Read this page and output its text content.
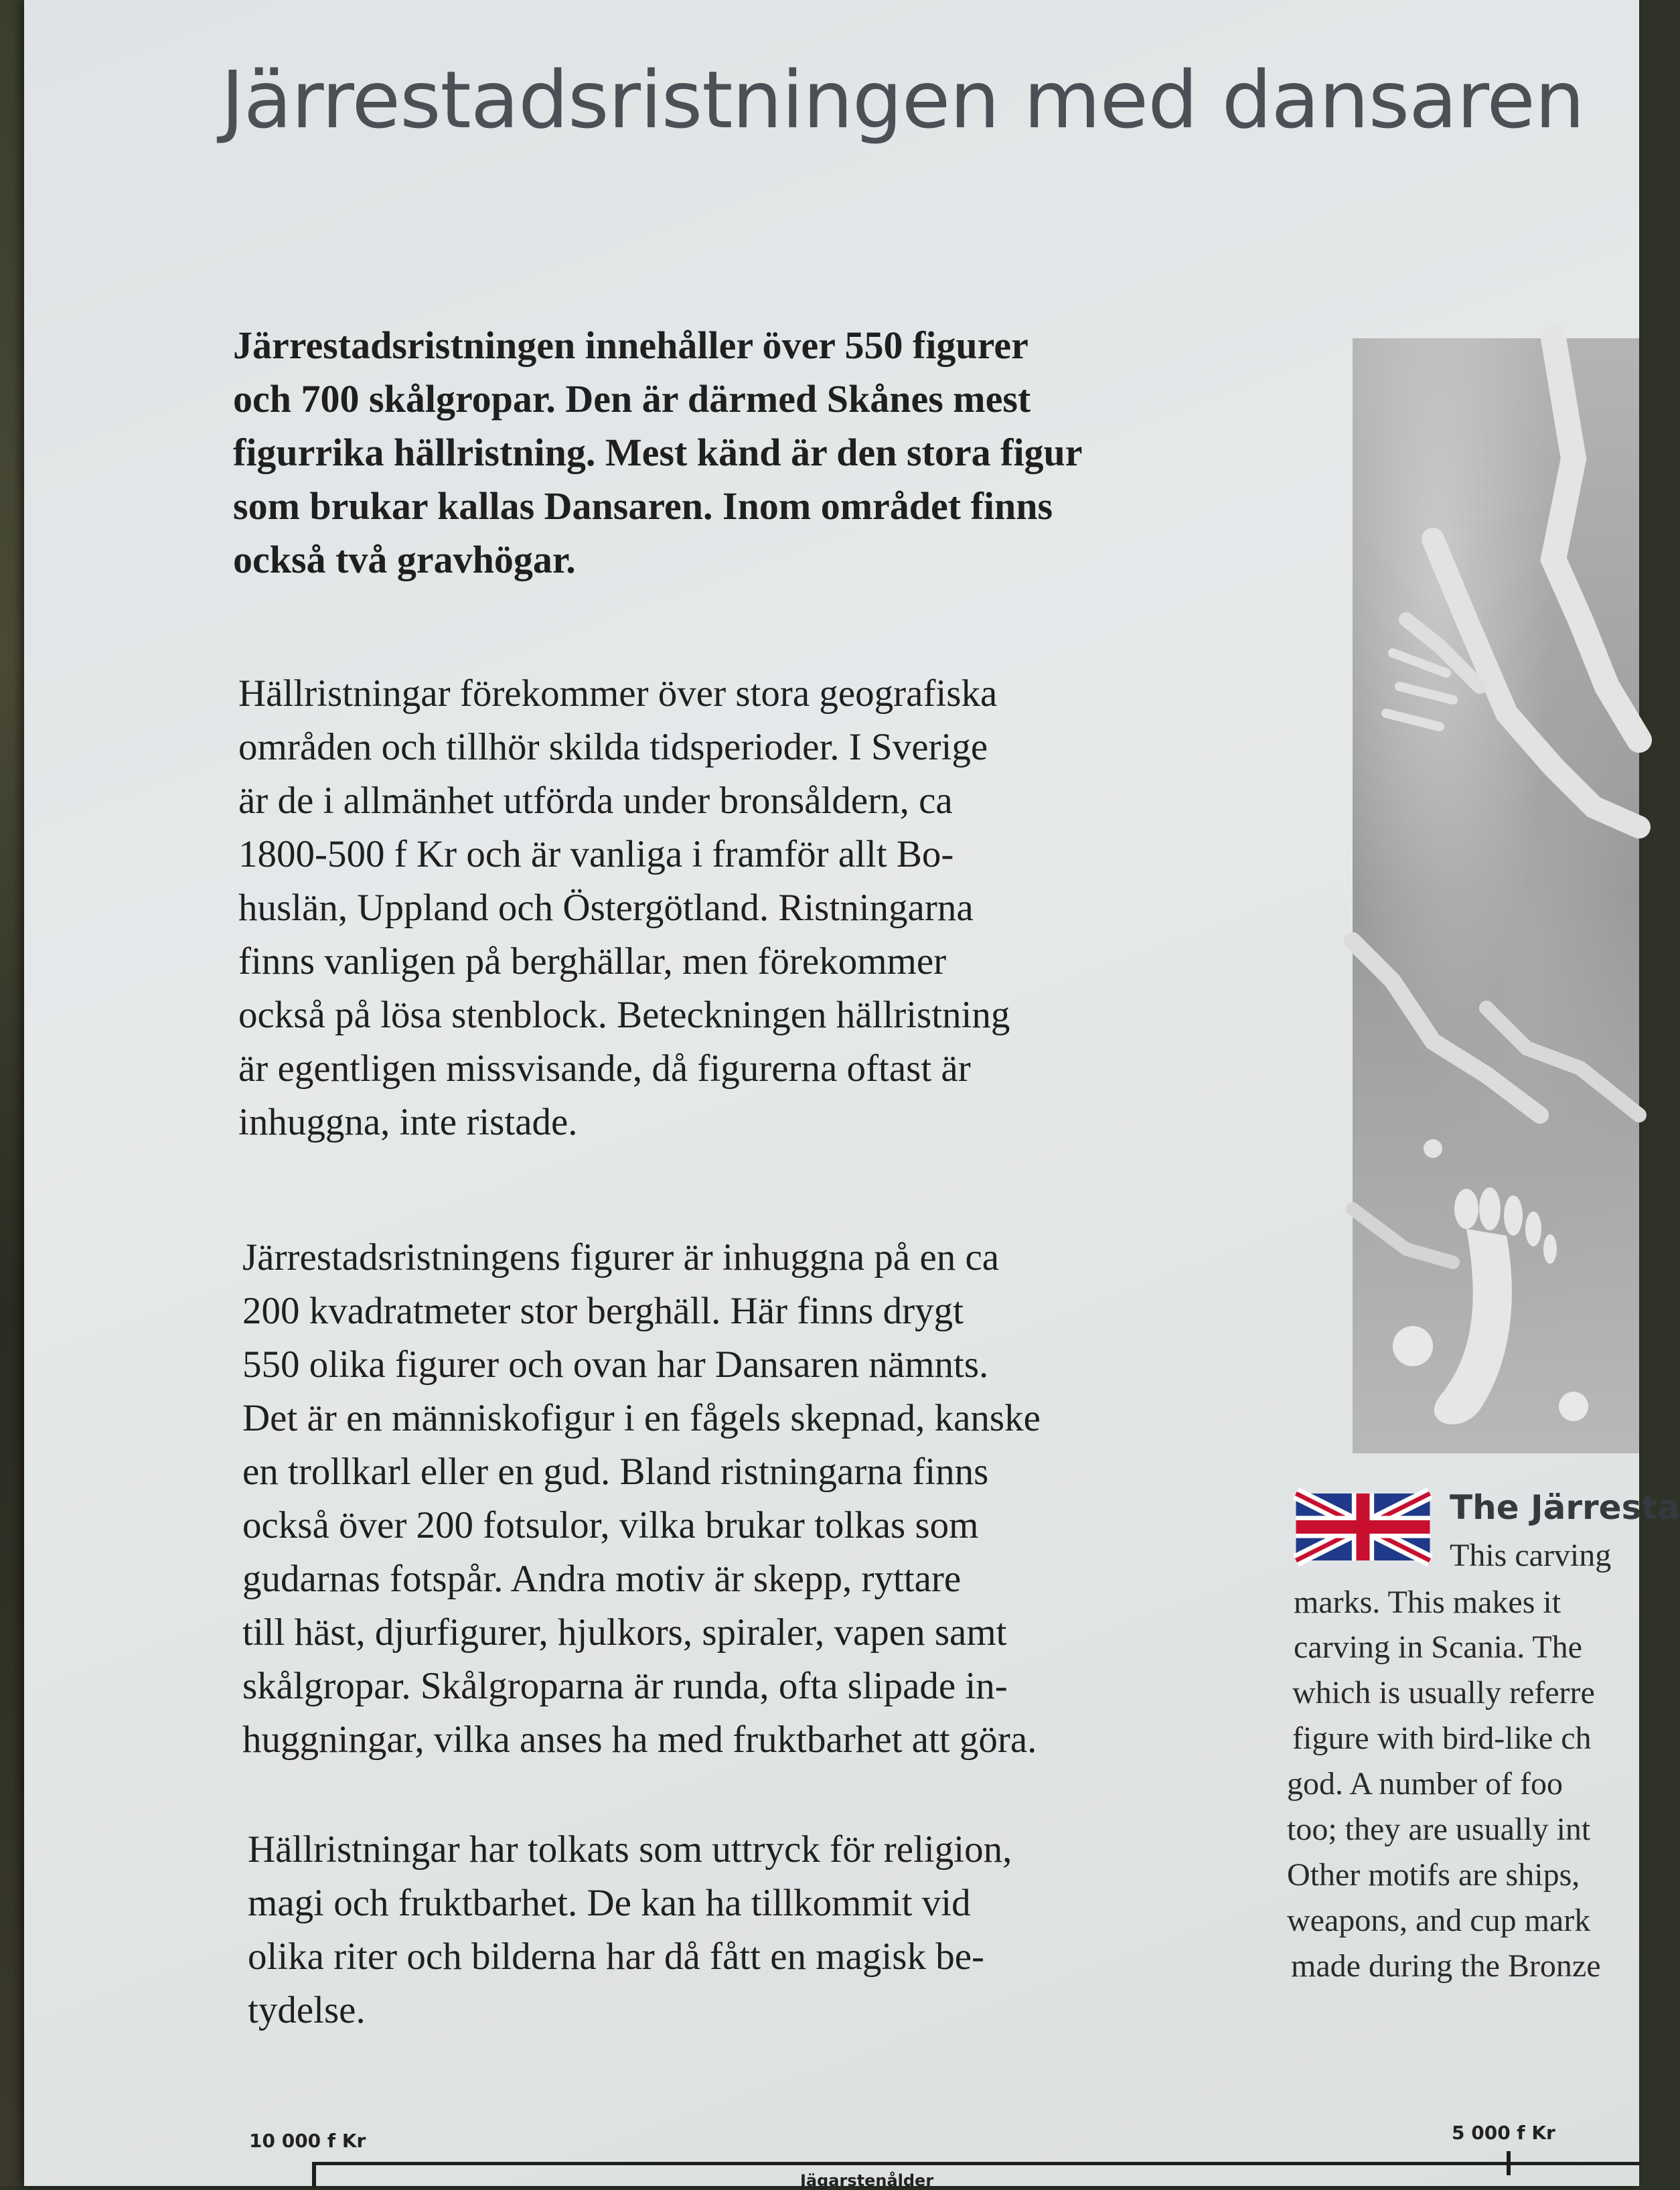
Järrestadsristningen med dansaren

Järrestadsristningen innehåller över 550 figurer
och 700 skålgropar. Den är därmed Skånes mest
figurrika hällristning. Mest känd är den stora figur
som brukar kallas Dansaren. Inom området finns
också två gravhögar.

Hällristningar förekommer över stora geografiska
områden och tillhör skilda tidsperioder. I Sverige
är de i allmänhet utförda under bronsåldern, ca
1800-500 f Kr och är vanliga i framför allt Bo-
huslän, Uppland och Östergötland. Ristningarna
finns vanligen på berghällar, men förekommer
också på lösa stenblock. Beteckningen hällristning
är egentligen missvisande, då figurerna oftast är
inhuggna, inte ristade.

Järrestadsristningens figurer är inhuggna på en ca
200 kvadratmeter stor berghäll. Här finns drygt
550 olika figurer och ovan har Dansaren nämnts.
Det är en människofigur i en fågels skepnad, kanske
en trollkarl eller en gud. Bland ristningarna finns
också över 200 fotsulor, vilka brukar tolkas som
gudarnas fotspår. Andra motiv är skepp, ryttare
till häst, djurfigurer, hjulkors, spiraler, vapen samt
skålgropar. Skålgroparna är runda, ofta slipade in-
huggningar, vilka anses ha med fruktbarhet att göra.

Hällristningar har tolkats som uttryck för religion,
magi och fruktbarhet. De kan ha tillkommit vid
olika riter och bilderna har då fått en magisk be-
tydelse.

The Järresta

This carving

marks. This makes it

carving in Scania. The

which is usually referre

figure with bird-like ch

god. A number of foo

too; they are usually int

Other motifs are ships,

weapons, and cup mark

made during the Bronze

10 000 f Kr	5 000 f Kr

Jägarstenålder
